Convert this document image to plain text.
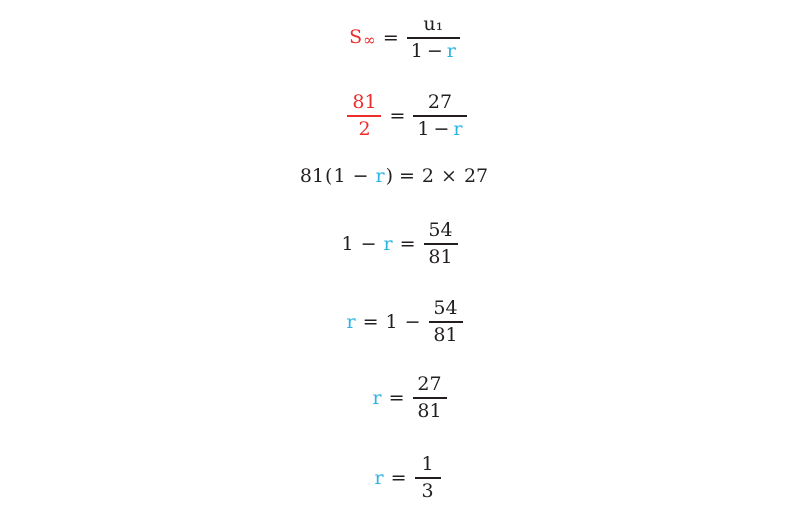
$S\infty = \frac{\text{u₁}}{1 - r}$
$\frac{81}{2} = \frac{27}{1 - r}$
81 ( 1 − r ) = 2 × 27
$1 - r = \frac{54}{81}$
$r = 1 - \frac{54}{81}$
$r = \frac{27}{81}$
$r = \frac{1}{3}$
